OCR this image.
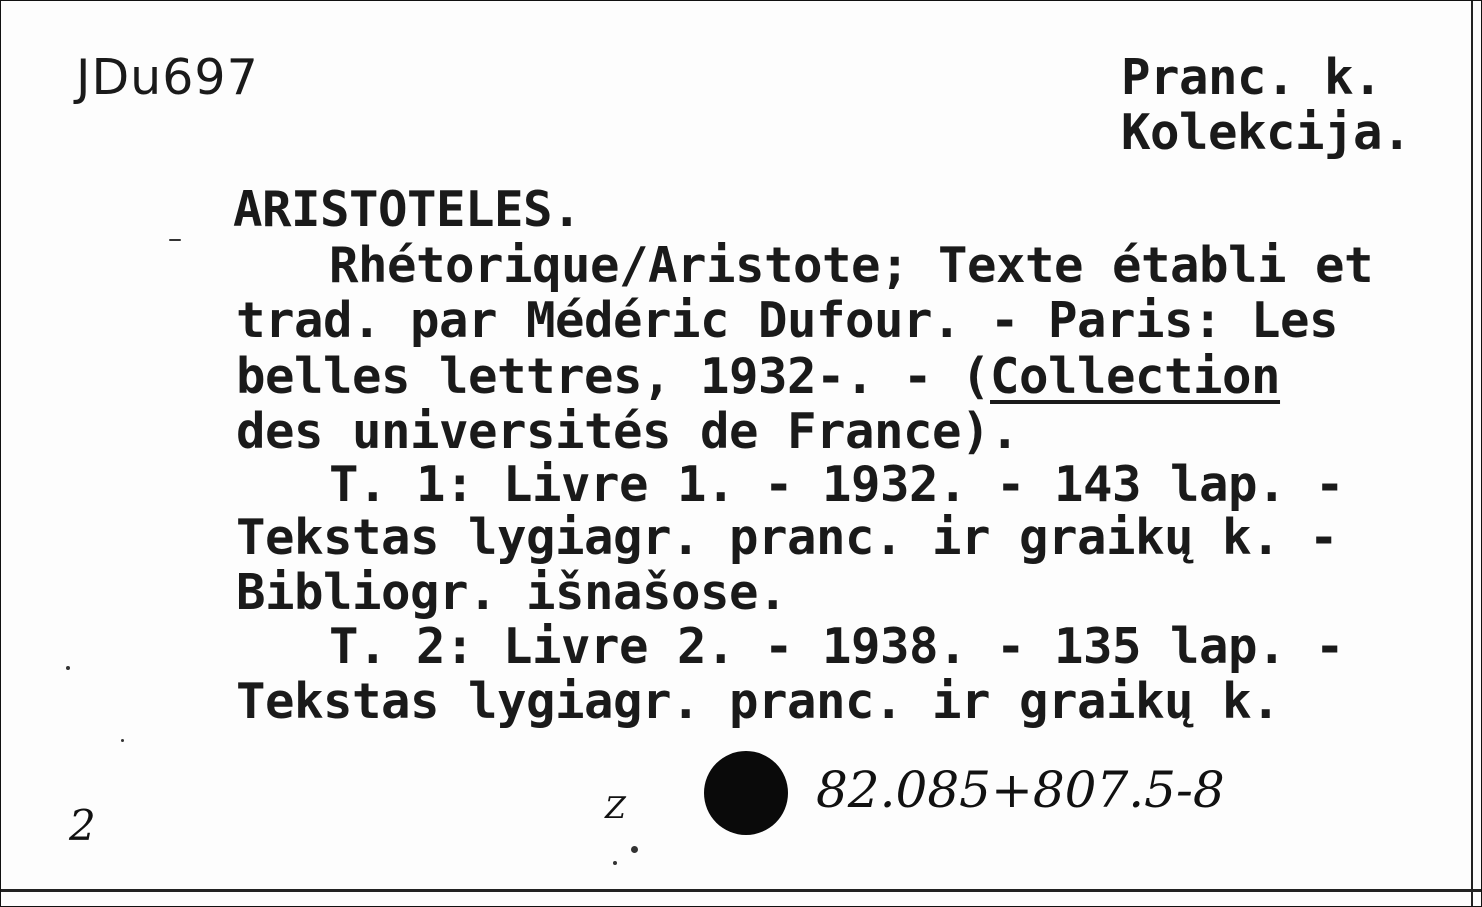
JDu697	Pranc. k.
Kolekcija.
ARISTOTELES.
Rhétorique/Aristote; Texte établi et
trad. par Médéric Dufour. - Paris: Les
belles lettres, 1932-. - (Collection
des universités de France).
T. 1: Livre 1. - 1932. - 143 lap. -
Tekstas lygiagr. pranc. ir graikų k. -
Bibliogr. išnašose.
T. 2: Livre 2. - 1938. - 135 lap. -
Tekstas lygiagr. pranc. ir graikų k.
2	Z	82.085+807.5-8
